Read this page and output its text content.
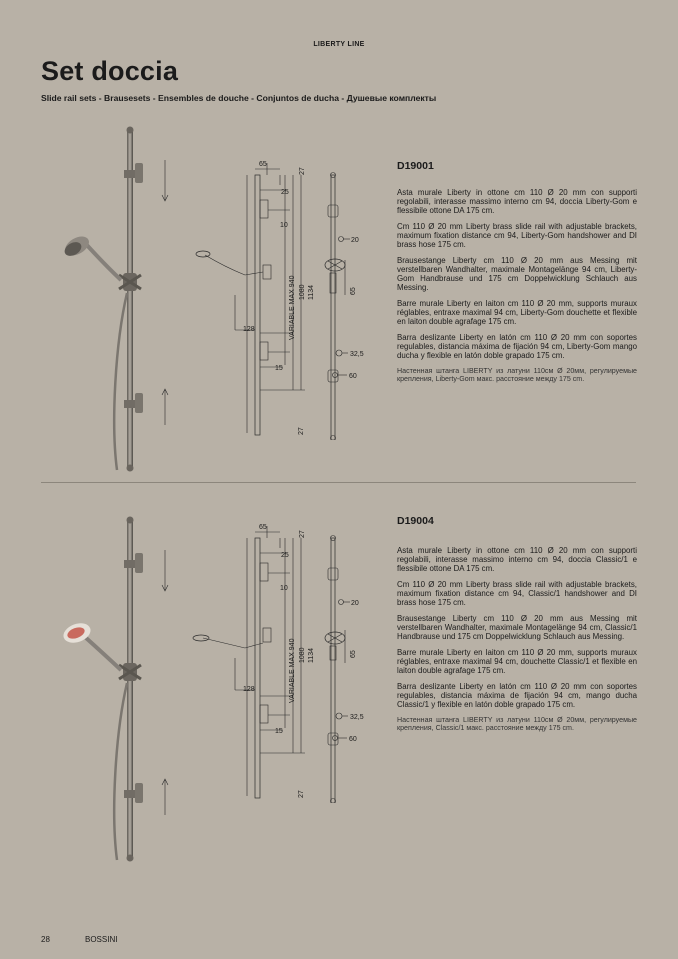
LIBERTY LINE
Set doccia
Slide rail sets - Brausesets - Ensembles de douche - Conjuntos de ducha - Душевые комплекты
65
27
25
10
128
15
VARIABLE MAX 940 1080 1134
27
20
65
32,5
60
D19001

Asta murale Liberty in ottone cm 110 Ø 20 mm con supporti regolabili, interasse massimo interno cm 94, doccia Liberty-Gom e flessibile ottone DA 175 cm.

Cm 110 Ø 20 mm Liberty brass slide rail with adjustable brackets, maximum fixation distance cm 94, Liberty-Gom handshower and DI brass hose 175 cm.

Brausestange Liberty cm 110 Ø 20 mm aus Messing mit verstellbaren Wandhalter, maximale Montagelänge 94 cm, Liberty-Gom Handbrause und 175 cm Doppelwicklung Schlauch aus Messing.

Barre murale Liberty en laiton cm 110 Ø 20 mm, supports muraux réglables, entraxe maximal 94 cm, Liberty-Gom douchette et flexible en laiton double agrafage 175 cm.

Barra deslizante Liberty en latón cm 110 Ø 20 mm con soportes regulables, distancia máxima de fijación 94 cm, Liberty-Gom mango ducha y flexible en latón doble grapado 175 cm.

Настенная штанга LIBERTY из латуни 110см Ø 20мм, регулируемые крепления, Liberty-Gom макс. расстояние между 175 cm.

65
27
25
10
128
15
VARIABLE MAX 940 1080 1134
27
20
65
32,5
60
D19004

Asta murale Liberty in ottone cm 110 Ø 20 mm con supporti regolabili, interasse massimo interno cm 94, doccia Classic/1 e flessibile ottone DA 175 cm.

Cm 110 Ø 20 mm Liberty brass slide rail with adjustable brackets, maximum fixation distance cm 94, Classic/1 handshower and DI brass hose 175 cm.

Brausestange Liberty cm 110 Ø 20 mm aus Messing mit verstellbaren Wandhalter, maximale Montagelänge 94 cm, Classic/1 Handbrause und 175 cm Doppelwicklung Schlauch aus Messing.

Barre murale Liberty en laiton cm 110 Ø 20 mm, supports muraux réglables, entraxe maximal 94 cm, douchette Classic/1 et flexible en laiton double agrafage 175 cm.

Barra deslizante Liberty en latón cm 110 Ø 20 mm con soportes regulables, distancia máxima de fijación 94 cm, mango ducha Classic/1 y flexible en latón doble grapado 175 cm.

Настенная штанга LIBERTY из латуни 110см Ø 20мм, регулируемые крепления, Classic/1 макс. расстояние между 175 cm.

28	BOSSINI
